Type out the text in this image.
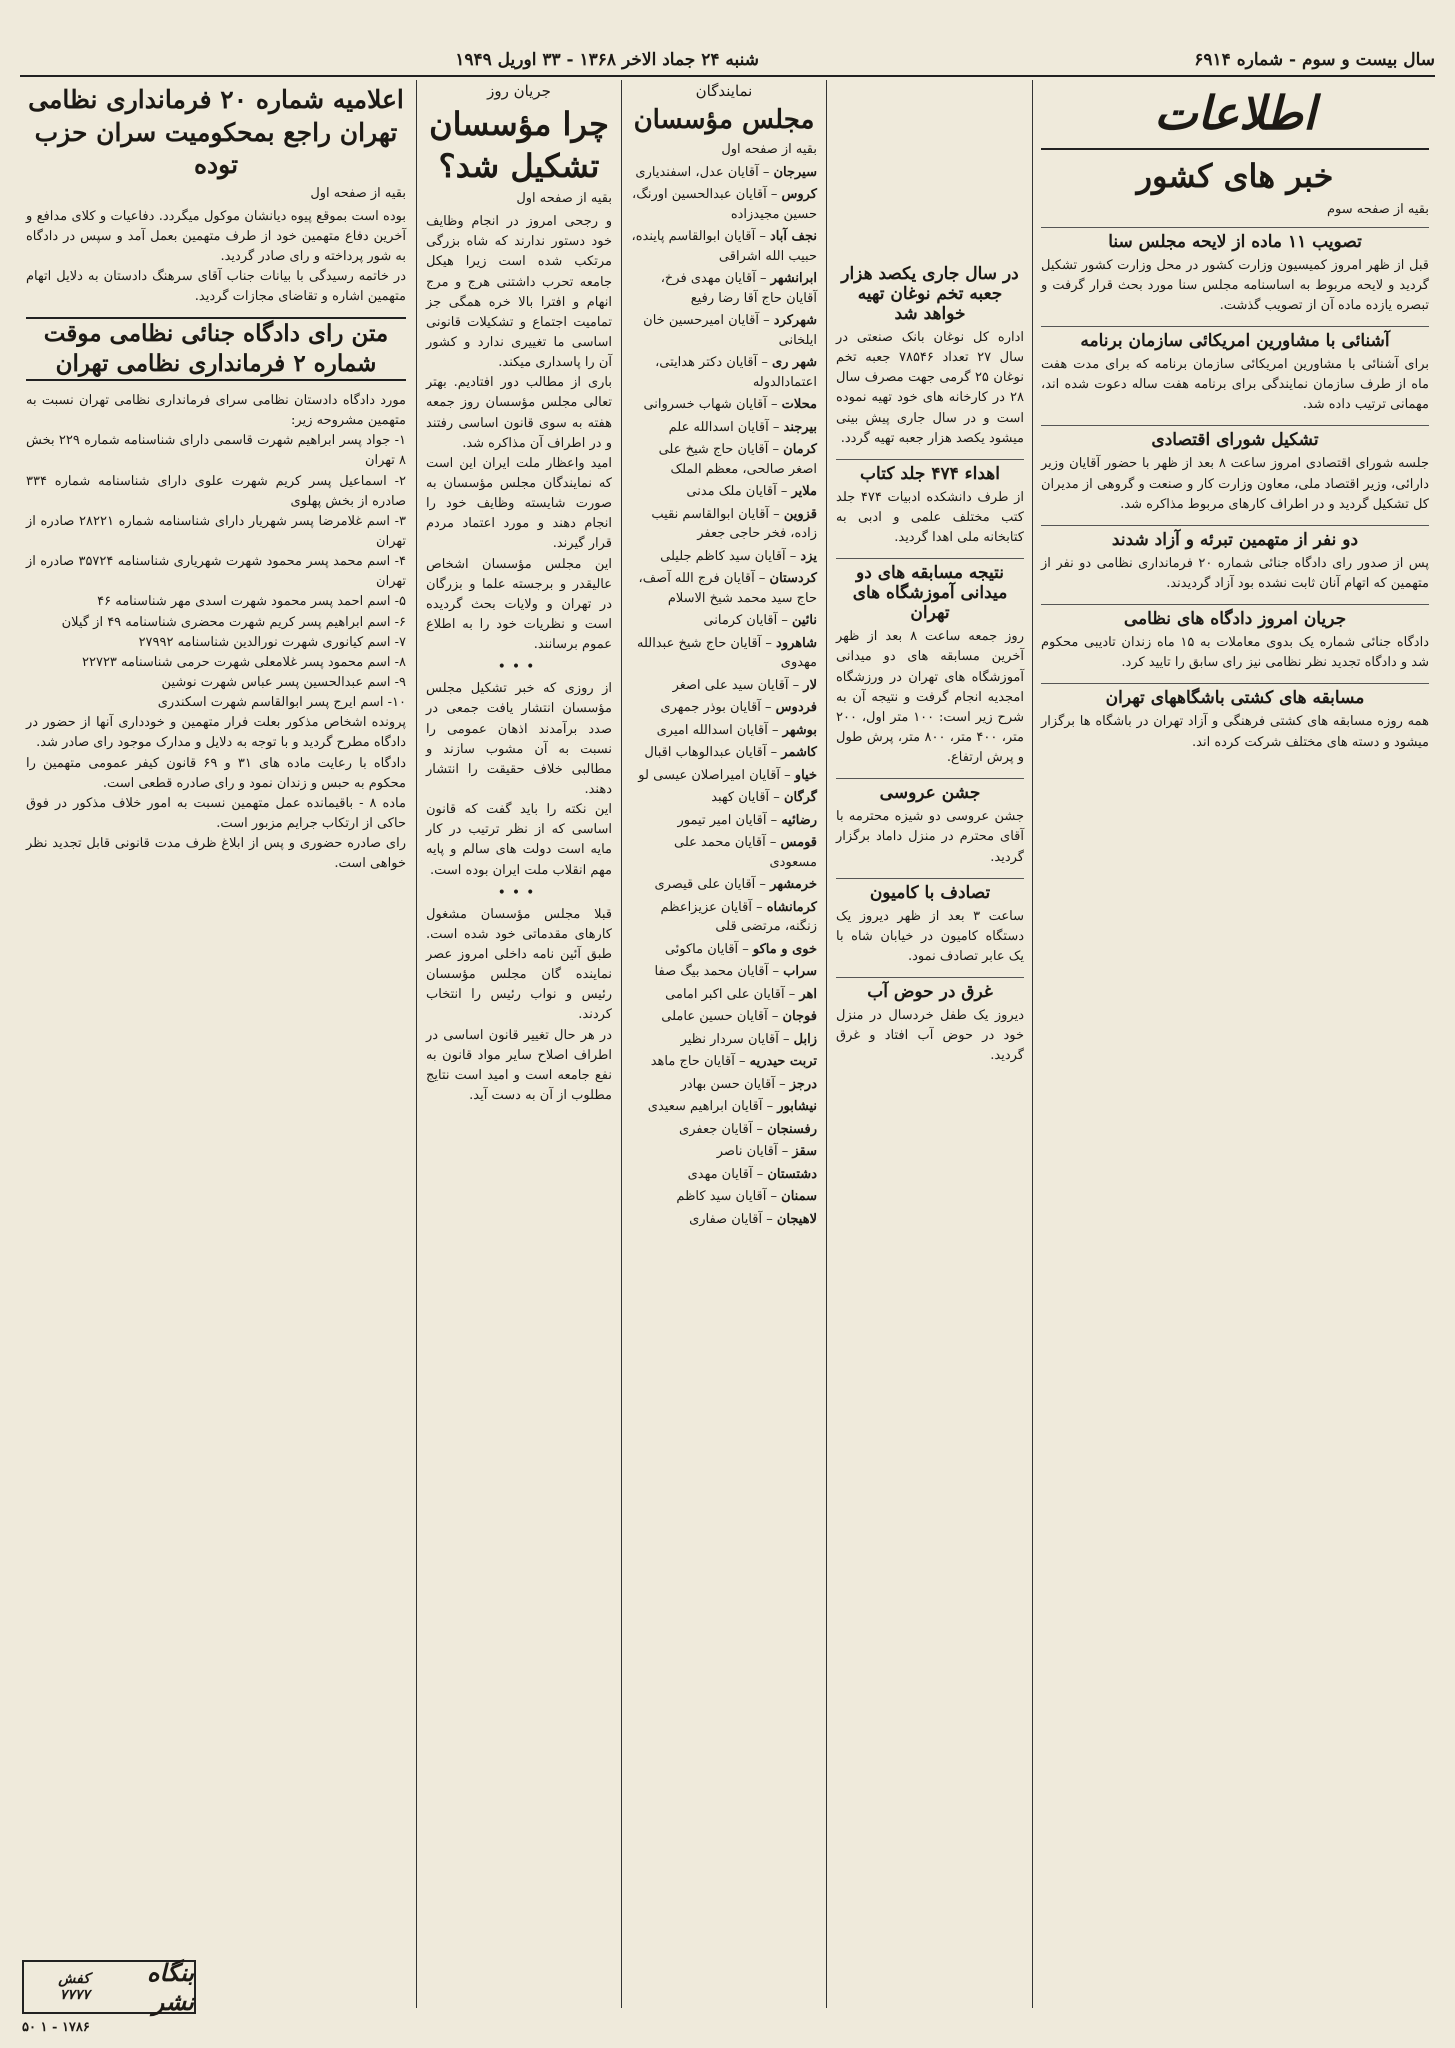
سال بیست و سوم - شماره ۶۹۱۴
شنبه ۲۴ جماد الاخر ۱۳۶۸ - ۳۳ اوریل ۱۹۴۹
اطلاعات
خبر های کشور
بقیه از صفحه سوم
تصویب ۱۱ ماده از لایحه مجلس سنا

قبل از ظهر امروز کمیسیون وزارت کشور در محل وزارت کشور تشکیل گردید و لایحه مربوط به اساسنامه مجلس سنا مورد بحث قرار گرفت و تبصره یازده ماده آن از تصویب گذشت.

آشنائی با مشاورین امریکائی سازمان برنامه

برای آشنائی با مشاورین امریکائی سازمان برنامه که برای مدت هفت ماه از طرف سازمان نمایندگی برای برنامه هفت ساله دعوت شده اند، مهمانی ترتیب داده شد.

تشکیل شورای اقتصادی

جلسه شورای اقتصادی امروز ساعت ۸ بعد از ظهر با حضور آقایان وزیر دارائی، وزیر اقتصاد ملی، معاون وزارت کار و صنعت و گروهی از مدیران کل تشکیل گردید و در اطراف کارهای مربوط مذاکره شد.

دو نفر از متهمین تبرئه و آزاد شدند

پس از صدور رای دادگاه جنائی شماره ۲۰ فرمانداری نظامی دو نفر از متهمین که اتهام آنان ثابت نشده بود آزاد گردیدند.

جریان امروز دادگاه های نظامی

دادگاه جنائی شماره یک بدوی معاملات به ۱۵ ماه زندان تادیبی محکوم شد و دادگاه تجدید نظر نظامی نیز رای سابق را تایید کرد.

مسابقه های کشتی باشگاههای تهران

همه روزه مسابقه های کشتی فرهنگی و آزاد تهران در باشگاه ها برگزار میشود و دسته های مختلف شرکت کرده اند.

در سال جاری یکصد هزار جعبه تخم نوغان تهیه خواهد شد

اداره کل نوغان بانک صنعتی در سال ۲۷ تعداد ۷۸۵۴۶ جعبه تخم نوغان ۲۵ گرمی جهت مصرف سال ۲۸ در کارخانه های خود تهیه نموده است و در سال جاری پیش بینی میشود یکصد هزار جعبه تهیه گردد.

اهداء ۴۷۴ جلد کتاب

از طرف دانشکده ادبیات ۴۷۴ جلد کتب مختلف علمی و ادبی به کتابخانه ملی اهدا گردید.

نتیجه مسابقه های دو میدانی آموزشگاه های تهران

روز جمعه ساعت ۸ بعد از ظهر آخرین مسابقه های دو میدانی آموزشگاه های تهران در ورزشگاه امجدیه انجام گرفت و نتیجه آن به شرح زیر است: ۱۰۰ متر اول، ۲۰۰ متر، ۴۰۰ متر، ۸۰۰ متر، پرش طول و پرش ارتفاع.

جشن عروسی

جشن عروسی دو شیزه محترمه با آقای محترم در منزل داماد برگزار گردید.

تصادف با کامیون

ساعت ۳ بعد از ظهر دیروز یک دستگاه کامیون در خیابان شاه با یک عابر تصادف نمود.

غرق در حوض آب

دیروز یک طفل خردسال در منزل خود در حوض آب افتاد و غرق گردید.

نمایندگان
مجلس مؤسسان
بقیه از صفحه اول

سیرجان – آقایان عدل، اسفندیاری

کروس – آقایان عبدالحسین اورنگ، حسین مجیدزاده

نجف آباد – آقایان ابوالقاسم پاینده، حبیب الله اشراقی

ابرانشهر – آقایان مهدی فرخ، آقایان حاج آقا رضا رفیع

شهرکرد – آقایان امیرحسین خان ایلخانی

شهر ری – آقایان دکتر هدایتی، اعتمادالدوله

محلات – آقایان شهاب خسروانی

بیرجند – آقایان اسدالله علم

کرمان – آقایان حاج شیخ علی اصغر صالحی، معظم الملک

ملایر – آقایان ملک مدنی

قزوین – آقایان ابوالقاسم نقیب زاده، فخر حاجی جعفر

یزد – آقایان سید کاظم جلیلی

کردستان – آقایان فرج الله آصف، حاج سید محمد شیخ الاسلام

نائین – آقایان کرمانی

شاهرود – آقایان حاج شیخ عبدالله مهدوی

لار – آقایان سید علی اصغر

فردوس – آقایان بوذر جمهری

بوشهر – آقایان اسدالله امیری

کاشمر – آقایان عبدالوهاب اقبال

خیاو – آقایان امیراصلان عیسی لو

گرگان – آقایان کهبد

رضائیه – آقایان امیر تیمور

قومس – آقایان محمد علی مسعودی

خرمشهر – آقایان علی قیصری

کرمانشاه – آقایان عزیزاعظم زنگنه، مرتضی قلی

خوی و ماکو – آقایان ماکوئی

سراب – آقایان محمد بیگ صفا

اهر – آقایان علی اکبر امامی

فوجان – آقایان حسین عاملی

زابل – آقایان سردار نظیر

تربت حیدریه – آقایان حاج ماهد

درجز – آقایان حسن بهادر

نیشابور – آقایان ابراهیم سعیدی

رفسنجان – آقایان جعفری

سقز – آقایان ناصر

دشتستان – آقایان مهدی

سمنان – آقایان سید کاظم

لاهیجان – آقایان صفاری

جریان روز
چرا مؤسسان تشکیل شد؟
بقیه از صفحه اول

و رجحی امروز در انجام وظایف خود دستور ندارند که شاه بزرگی مرتکب شده است زیرا هیکل جامعه تحرب داشتنی هرج و مرج انهام و افترا بالا خره همگی جز تمامیت اجتماع و تشکیلات قانونی اساسی ما تغییری ندارد و کشور آن را پاسداری میکند.

باری از مطالب دور افتادیم. بهتر تعالی مجلس مؤسسان روز جمعه هفته به سوی قانون اساسی رفتند و در اطراف آن مذاکره شد.

امید واعظار ملت ایران این است که نمایندگان مجلس مؤسسان به صورت شایسته وظایف خود را انجام دهند و مورد اعتماد مردم قرار گیرند.

این مجلس مؤسسان اشخاص عالیقدر و برجسته علما و بزرگان در تهران و ولایات بحث گردیده است و نظریات خود را به اطلاع عموم برسانند.

•••

از روزی که خبر تشکیل مجلس مؤسسان انتشار یافت جمعی در صدد برآمدند اذهان عمومی را نسبت به آن مشوب سازند و مطالبی خلاف حقیقت را انتشار دهند.

این نکته را باید گفت که قانون اساسی که از نظر ترتیب در کار مایه است دولت های سالم و پایه مهم انقلاب ملت ایران بوده است.

•••

قبلا مجلس مؤسسان مشغول کارهای مقدماتی خود شده است. طبق آئین نامه داخلی امروز عصر نماینده گان مجلس مؤسسان رئیس و نواب رئیس را انتخاب کردند.

در هر حال تغییر قانون اساسی در اطراف اصلاح سایر مواد قانون به نفع جامعه است و امید است نتایج مطلوب از آن به دست آید.

اعلامیه شماره ۲۰ فرمانداری نظامی تهران راجع بمحکومیت سران حزب توده
بقیه از صفحه اول

بوده است بموقع پیوه دیانشان موکول میگردد. دفاعیات و کلای مدافع و آخرین دفاع متهمین خود از طرف متهمین بعمل آمد و سپس در دادگاه به شور پرداخته و رای صادر گردید.

در خاتمه رسیدگی با بیانات جناب آقای سرهنگ دادستان به دلایل اتهام متهمین اشاره و تقاضای مجازات گردید.

متن رای دادگاه جنائی نظامی موقت شماره ۲ فرمانداری نظامی تهران

مورد دادگاه دادستان نظامی سرای فرمانداری نظامی تهران نسبت به متهمین مشروحه زیر:

۱- جواد پسر ابراهیم شهرت قاسمی دارای شناسنامه شماره ۲۲۹ بخش ۸ تهران

۲- اسماعیل پسر کریم شهرت علوی دارای شناسنامه شماره ۳۳۴ صادره از بخش پهلوی

۳- اسم غلامرضا پسر شهریار دارای شناسنامه شماره ۲۸۲۲۱ صادره از تهران

۴- اسم محمد پسر محمود شهرت شهریاری شناسنامه ۳۵۷۲۴ صادره از تهران

۵- اسم احمد پسر محمود شهرت اسدی مهر شناسنامه ۴۶

۶- اسم ابراهیم پسر کریم شهرت محضری شناسنامه ۴۹ از گیلان

۷- اسم کیانوری شهرت نورالدین شناسنامه ۲۷۹۹۲

۸- اسم محمود پسر غلامعلی شهرت حرمی شناسنامه ۲۲۷۲۳

۹- اسم عبدالحسین پسر عباس شهرت نوشین

۱۰- اسم ایرج پسر ابوالقاسم شهرت اسکندری

پرونده اشخاص مذکور بعلت فرار متهمین و خودداری آنها از حضور در دادگاه مطرح گردید و با توجه به دلایل و مدارک موجود رای صادر شد.

دادگاه با رعایت ماده های ۳۱ و ۶۹ قانون کیفر عمومی متهمین را محکوم به حبس و زندان نمود و رای صادره قطعی است.

ماده ۸ - باقیمانده عمل متهمین نسبت به امور خلاف مذکور در فوق حاکی از ارتکاب جرایم مزبور است.

رای صادره حضوری و پس از ابلاغ ظرف مدت قانونی قابل تجدید نظر خواهی است.

بنگاه نشر

کفش ۷۷۷۷
۱۷۸۶ - ۱ ۵۰
